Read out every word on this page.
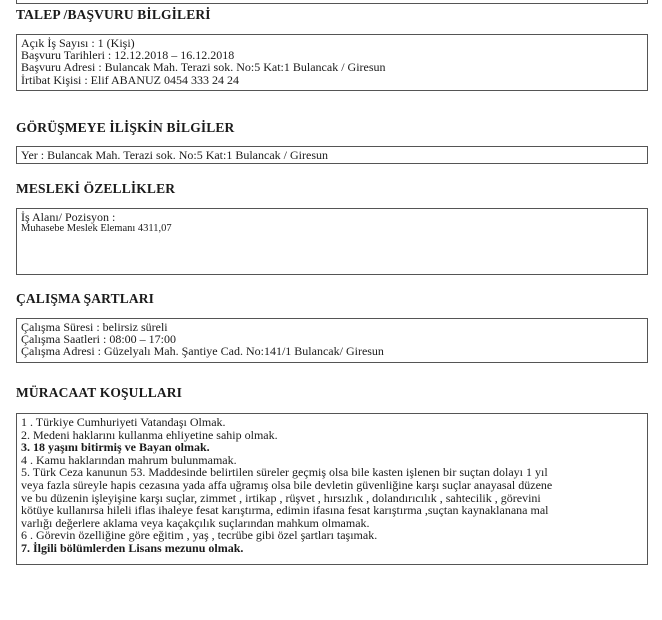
TALEP /BAŞVURU BİLGİLERİ
Açık İş Sayısı : 1 (Kişi)
Başvuru Tarihleri : 12.12.2018 – 16.12.2018
Başvuru Adresi : Bulancak Mah. Terazi sok. No:5 Kat:1 Bulancak / Giresun
İrtibat Kişisi : Elif ABANUZ 0454 333 24 24
GÖRÜŞMEYE İLİŞKİN BİLGİLER
Yer : Bulancak Mah. Terazi sok. No:5 Kat:1 Bulancak / Giresun
MESLEKİ ÖZELLİKLER
İş Alanı/ Pozisyon :
Muhasebe Meslek Elemanı 4311,07
ÇALIŞMA ŞARTLARI
Çalışma Süresi : belirsiz süreli
Çalışma Saatleri : 08:00 – 17:00
Çalışma Adresi : Güzelyalı Mah. Şantiye Cad. No:141/1 Bulancak/ Giresun
MÜRACAAT KOŞULLARI
1 . Türkiye Cumhuriyeti Vatandaşı Olmak.
2. Medeni haklarını kullanma ehliyetine sahip olmak.
3. 18 yaşını bitirmiş ve Bayan olmak.
4 . Kamu haklarından mahrum bulunmamak.
5. Türk Ceza kanunun 53. Maddesinde belirtilen süreler geçmiş olsa bile kasten işlenen bir suçtan dolayı 1 yıl
veya fazla süreyle hapis cezasına yada affa uğramış olsa bile devletin güvenliğine karşı suçlar anayasal düzene
ve bu düzenin işleyişine karşı suçlar, zimmet , irtikap , rüşvet , hırsızlık , dolandırıcılık , sahtecilik , görevini
kötüye kullanırsa hileli iflas ihaleye fesat karıştırma, edimin ifasına fesat karıştırma ,suçtan kaynaklanana mal
varlığı değerlere aklama veya kaçakçılık suçlarından mahkum olmamak.
6 . Görevin özelliğine göre eğitim , yaş , tecrübe gibi özel şartları taşımak.
7. İlgili bölümlerden Lisans mezunu olmak.
